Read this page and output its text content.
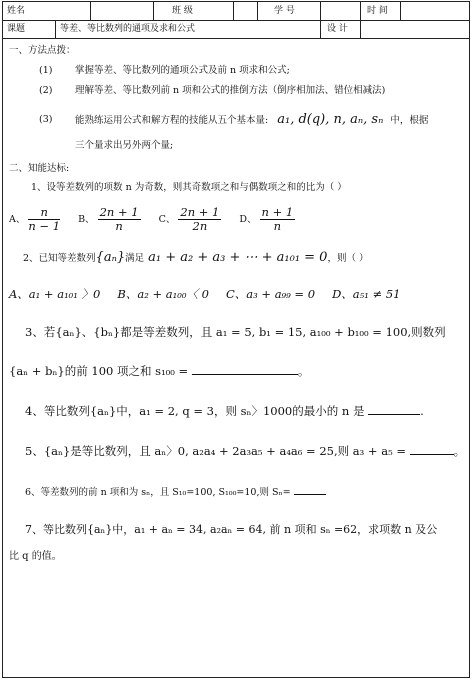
姓名	班 级	学 号	时 间
课题	等差、等比数列的通项及求和公式	设 计
一、方法点拨：
(1) 掌握等差、等比数列的通项公式及前 n 项求和公式;
(2) 理解等差、等比数列前 n 项和公式的推倒方法（倒序相加法、错位相减法)
(3) 能熟练运用公式和解方程的技能从五个基本量: a₁, d(q), n, aₙ, sₙ 中，根据
三个量求出另外两个量;
二、知能达标:
1、设等差数列的项数 n 为奇数，则其奇数项之和与偶数项之和的比为（ ）
A、 $\frac{n}{n - 1}$ B、 $\frac{2n + 1}{n}$ C、 $\frac{2n + 1}{2n}$ D、 $\frac{n + 1}{n}$
2、已知等差数列{aₙ}满足 a₁ + a₂ + a₃ + ⋯ + a₁₀₁ = 0，则（ ）
A、a₁ + a₁₀₁ 〉0 B、a₂ + a₁₀₀〈 0 C、a₃ + a₉₉ = 0 D、a₅₁ ≠ 51
3、若{aₙ}、{bₙ}都是等差数列，且 a₁ = 5, b₁ = 15, a₁₀₀ + b₁₀₀ = 100,则数列
{aₙ + bₙ}的前 100 项之和 s₁₀₀ =	。
4、等比数列{aₙ}中，a₁ = 2, q = 3，则 sₙ〉1000的最小的 n 是	.
5、{aₙ}是等比数列，且 aₙ〉0, a₂a₄ + 2a₃a₅ + a₄a₆ = 25,则 a₃ + a₅ =	。
6、等差数列的前 n 项和为 sₙ，且 S₁₀=100, S₁₀₀=10,则 Sₙ=
7、等比数列{aₙ}中，a₁ + aₙ = 34, a₂aₙ = 64, 前 n 项和 sₙ =62，求项数 n 及公
比 q 的值。
